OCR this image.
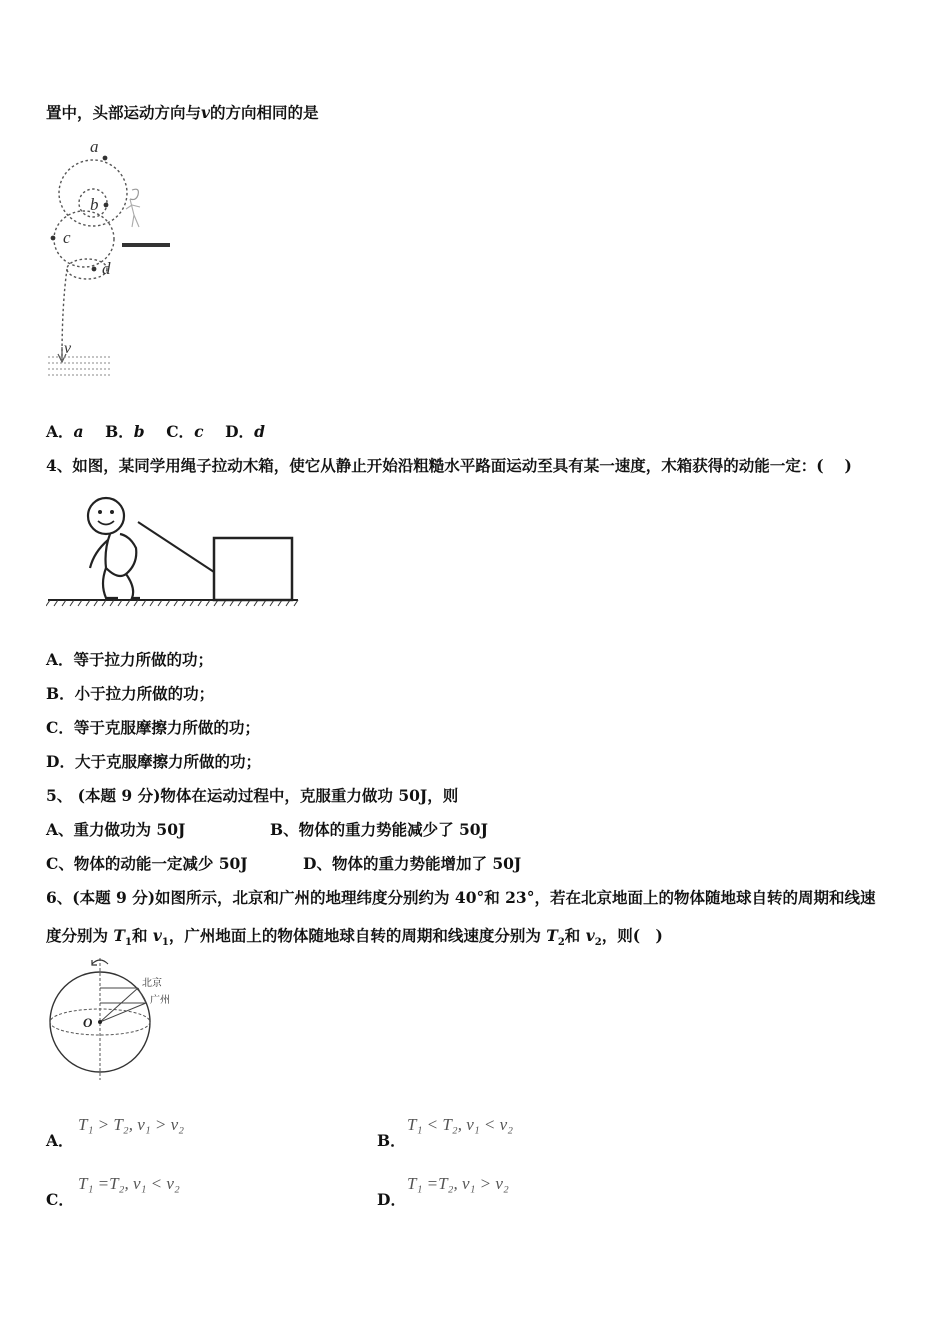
置中，头部运动方向与v的方向相同的是
a
b
c
d
v
A．a B．b C．c D．d
4、如图，某同学用绳子拉动木箱，使它从静止开始沿粗糙水平路面运动至具有某一速度，木箱获得的动能一定：(　 )
A．等于拉力所做的功；
B．小于拉力所做的功；
C．等于克服摩擦力所做的功；
D．大于克服摩擦力所做的功；
5、 (本题 9 分)物体在运动过程中，克服重力做功 50J，则
A、重力做功为 50J	B、物体的重力势能减少了 50J
C、物体的动能一定减少 50J	D、物体的重力势能增加了 50J
6、(本题 9 分)如图所示，北京和广州的地理纬度分别约为 40°和 23°，若在北京地面上的物体随地球自转的周期和线速
度分别为 $T_1$和 $v_1$，广州地面上的物体随地球自转的周期和线速度分别为 $T_2$和 $v_2$，则(　)
北京
广州
O
A．
T₁ > T₂, v₁ > v₂
B．
T₁ < T₂, v₁ < v₂
C．
T₁ =T₂, v₁ < v₂
D．
T₁ =T₂, v₁ > v₂
